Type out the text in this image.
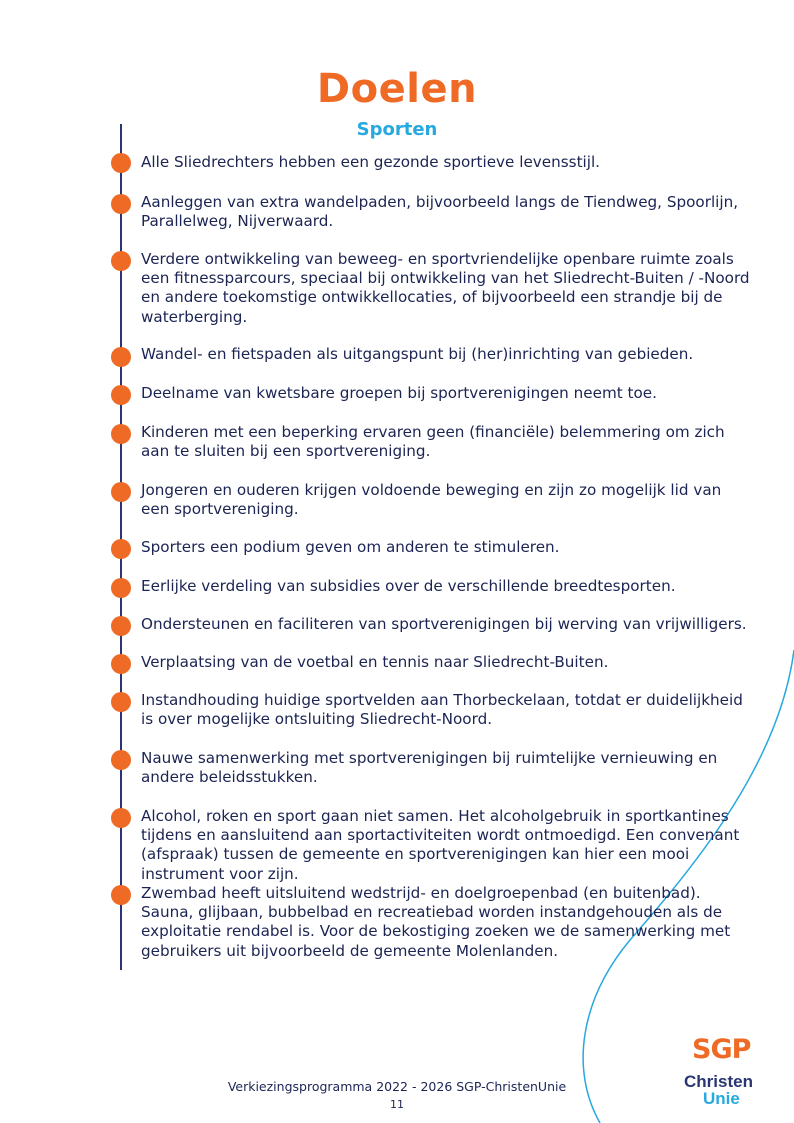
Doelen
Sporten
Alle Sliedrechters hebben een gezonde sportieve levensstijl.
Aanleggen van extra wandelpaden, bijvoorbeeld langs de Tiendweg, Spoorlijn, Parallelweg, Nijverwaard.
Verdere ontwikkeling van beweeg- en sportvriendelijke openbare ruimte zoals een fitnessparcours, speciaal bij ontwikkeling van het Sliedrecht-Buiten / -Noord en andere toekomstige ontwikkellocaties, of bijvoorbeeld een strandje bij de waterberging.
Wandel- en fietspaden als uitgangspunt bij (her)inrichting van gebieden.
Deelname van kwetsbare groepen bij sportverenigingen neemt toe.
Kinderen met een beperking ervaren geen (financiële) belemmering om zich aan te sluiten bij een sportvereniging.
Jongeren en ouderen krijgen voldoende beweging en zijn zo mogelijk lid van een sportvereniging.
Sporters een podium geven om anderen te stimuleren.
Eerlijke verdeling van subsidies over de verschillende breedtesporten.
Ondersteunen en faciliteren van sportverenigingen bij werving van vrijwilligers.
Verplaatsing van de voetbal en tennis naar Sliedrecht-Buiten.
Instandhouding huidige sportvelden aan Thorbeckelaan, totdat er duidelijkheid is over mogelijke ontsluiting Sliedrecht-Noord.
Nauwe samenwerking met sportverenigingen bij ruimtelijke vernieuwing en andere beleidsstukken.
Alcohol, roken en sport gaan niet samen. Het alcoholgebruik in sportkantines tijdens en aansluitend aan sportactiviteiten wordt ontmoedigd. Een convenant (afspraak) tussen de gemeente en sportverenigingen kan hier een mooi instrument voor zijn.
Zwembad heeft uitsluitend wedstrijd- en doelgroepenbad (en buitenbad). Sauna, glijbaan, bubbelbad en recreatiebad worden instandgehouden als de exploitatie rendabel is. Voor de bekostiging zoeken we de samenwerking met gebruikers uit bijvoorbeeld de gemeente Molenlanden.
Verkiezingsprogramma 2022 - 2026 SGP-ChristenUnie
11
SGP
Christen
Unie
